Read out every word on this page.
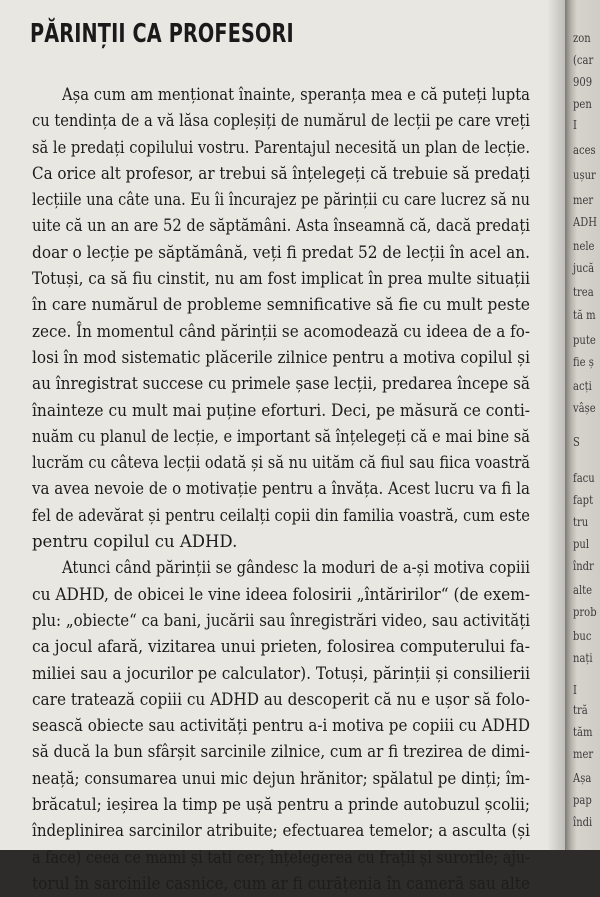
PĂRINȚII CA PROFESORI
Așa cum am menționat înainte, speranța mea e că puteți lupta
cu tendința de a vă lăsa copleșiți de numărul de lecții pe care vreți
să le predați copilului vostru. Parentajul necesită un plan de lecție.
Ca orice alt profesor, ar trebui să înțelegeți că trebuie să predați
lecțiile una câte una. Eu îi încurajez pe părinții cu care lucrez să nu
uite că un an are 52 de săptămâni. Asta înseamnă că, dacă predați
doar o lecție pe săptămână, veți fi predat 52 de lecții în acel an.
Totuși, ca să fiu cinstit, nu am fost implicat în prea multe situații
în care numărul de probleme semnificative să fie cu mult peste
zece. În momentul când părinții se acomodează cu ideea de a fo-
losi în mod sistematic plăcerile zilnice pentru a motiva copilul și
au înregistrat succese cu primele șase lecții, predarea începe să
înainteze cu mult mai puține eforturi. Deci, pe măsură ce conti-
nuăm cu planul de lecție, e important să înțelegeți că e mai bine să
lucrăm cu câteva lecții odată și să nu uităm că fiul sau fiica voastră
va avea nevoie de o motivație pentru a învăța. Acest lucru va fi la
fel de adevărat și pentru ceilalți copii din familia voastră, cum este
pentru copilul cu ADHD.
Atunci când părinții se gândesc la moduri de a-și motiva copiii
cu ADHD, de obicei le vine ideea folosirii „întăririlor“ (de exem-
plu: „obiecte“ ca bani, jucării sau înregistrări video, sau activități
ca jocul afară, vizitarea unui prieten, folosirea computerului fa-
miliei sau a jocurilor pe calculator). Totuși, părinții și consilierii
care tratează copiii cu ADHD au descoperit că nu e ușor să folo-
sească obiecte sau activități pentru a-i motiva pe copiii cu ADHD
să ducă la bun sfârșit sarcinile zilnice, cum ar fi trezirea de dimi-
neață; consumarea unui mic dejun hrănitor; spălatul pe dinți; îm-
brăcatul; ieșirea la timp pe ușă pentru a prinde autobuzul școlii;
îndeplinirea sarcinilor atribuite; efectuarea temelor; a asculta (și
a face) ceea ce mami și tati cer; înțelegerea cu frații și surorile; aju-
torul în sarcinile casnice, cum ar fi curățenia în cameră sau alte
zon
(car
909
pen
I
aces
ușur
mer
ADH
nele
jucă
trea
tă m
pute
fie ș
acți
vâșe
S
facu
fapt
tru
pul
îndr
alte
prob
buc
nați
I
tră
tăm
mer
Așa
pap
îndi
